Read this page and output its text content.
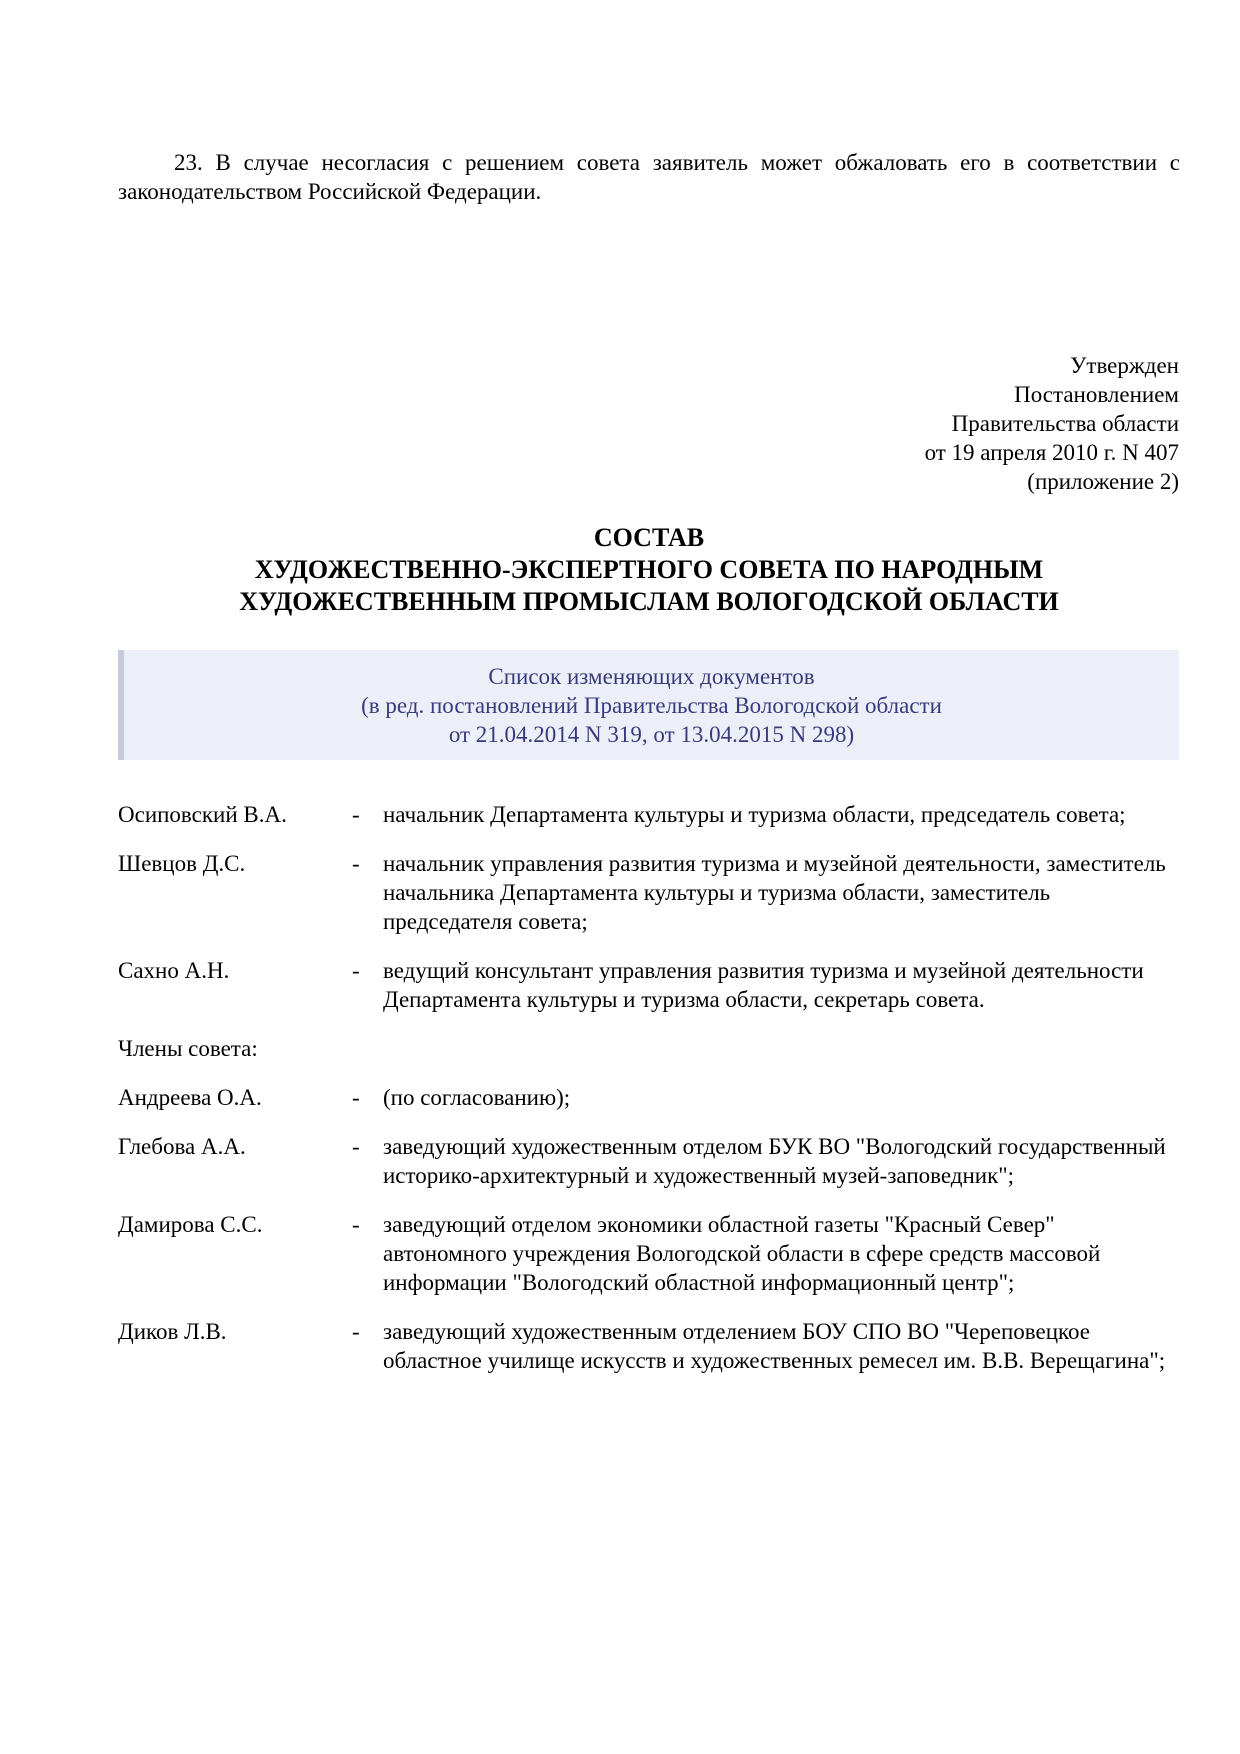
23. В случае несогласия с решением совета заявитель может обжаловать его в соответствии с законодательством Российской Федерации.

Утвержден
Постановлением
Правительства области
от 19 апреля 2010 г. N 407
(приложение 2)
СОСТАВ
ХУДОЖЕСТВЕННО-ЭКСПЕРТНОГО СОВЕТА ПО НАРОДНЫМ
ХУДОЖЕСТВЕННЫМ ПРОМЫСЛАМ ВОЛОГОДСКОЙ ОБЛАСТИ
Список изменяющих документов
(в ред. постановлений Правительства Вологодской области
от 21.04.2014 N 319, от 13.04.2015 N 298)
Осиповский В.А.	- начальник Департамента культуры и туризма области, председатель совета;
Шевцов Д.С.	- начальник управления развития туризма и музейной деятельности, заместитель начальника Департамента культуры и туризма области, заместитель председателя совета;
Сахно А.Н.	- ведущий консультант управления развития туризма и музейной деятельности Департамента культуры и туризма области, секретарь совета.
Члены совета:
Андреева О.А.	- (по согласованию);
Глебова А.А.	- заведующий художественным отделом БУК ВО "Вологодский государственный историко-архитектурный и художественный музей-заповедник";
Дамирова С.С.	- заведующий отделом экономики областной газеты "Красный Север" автономного учреждения Вологодской области в сфере средств массовой информации "Вологодский областной информационный центр";
Диков Л.В.	- заведующий художественным отделением БОУ СПО ВО "Череповецкое областное училище искусств и художественных ремесел им. В.В. Верещагина";
